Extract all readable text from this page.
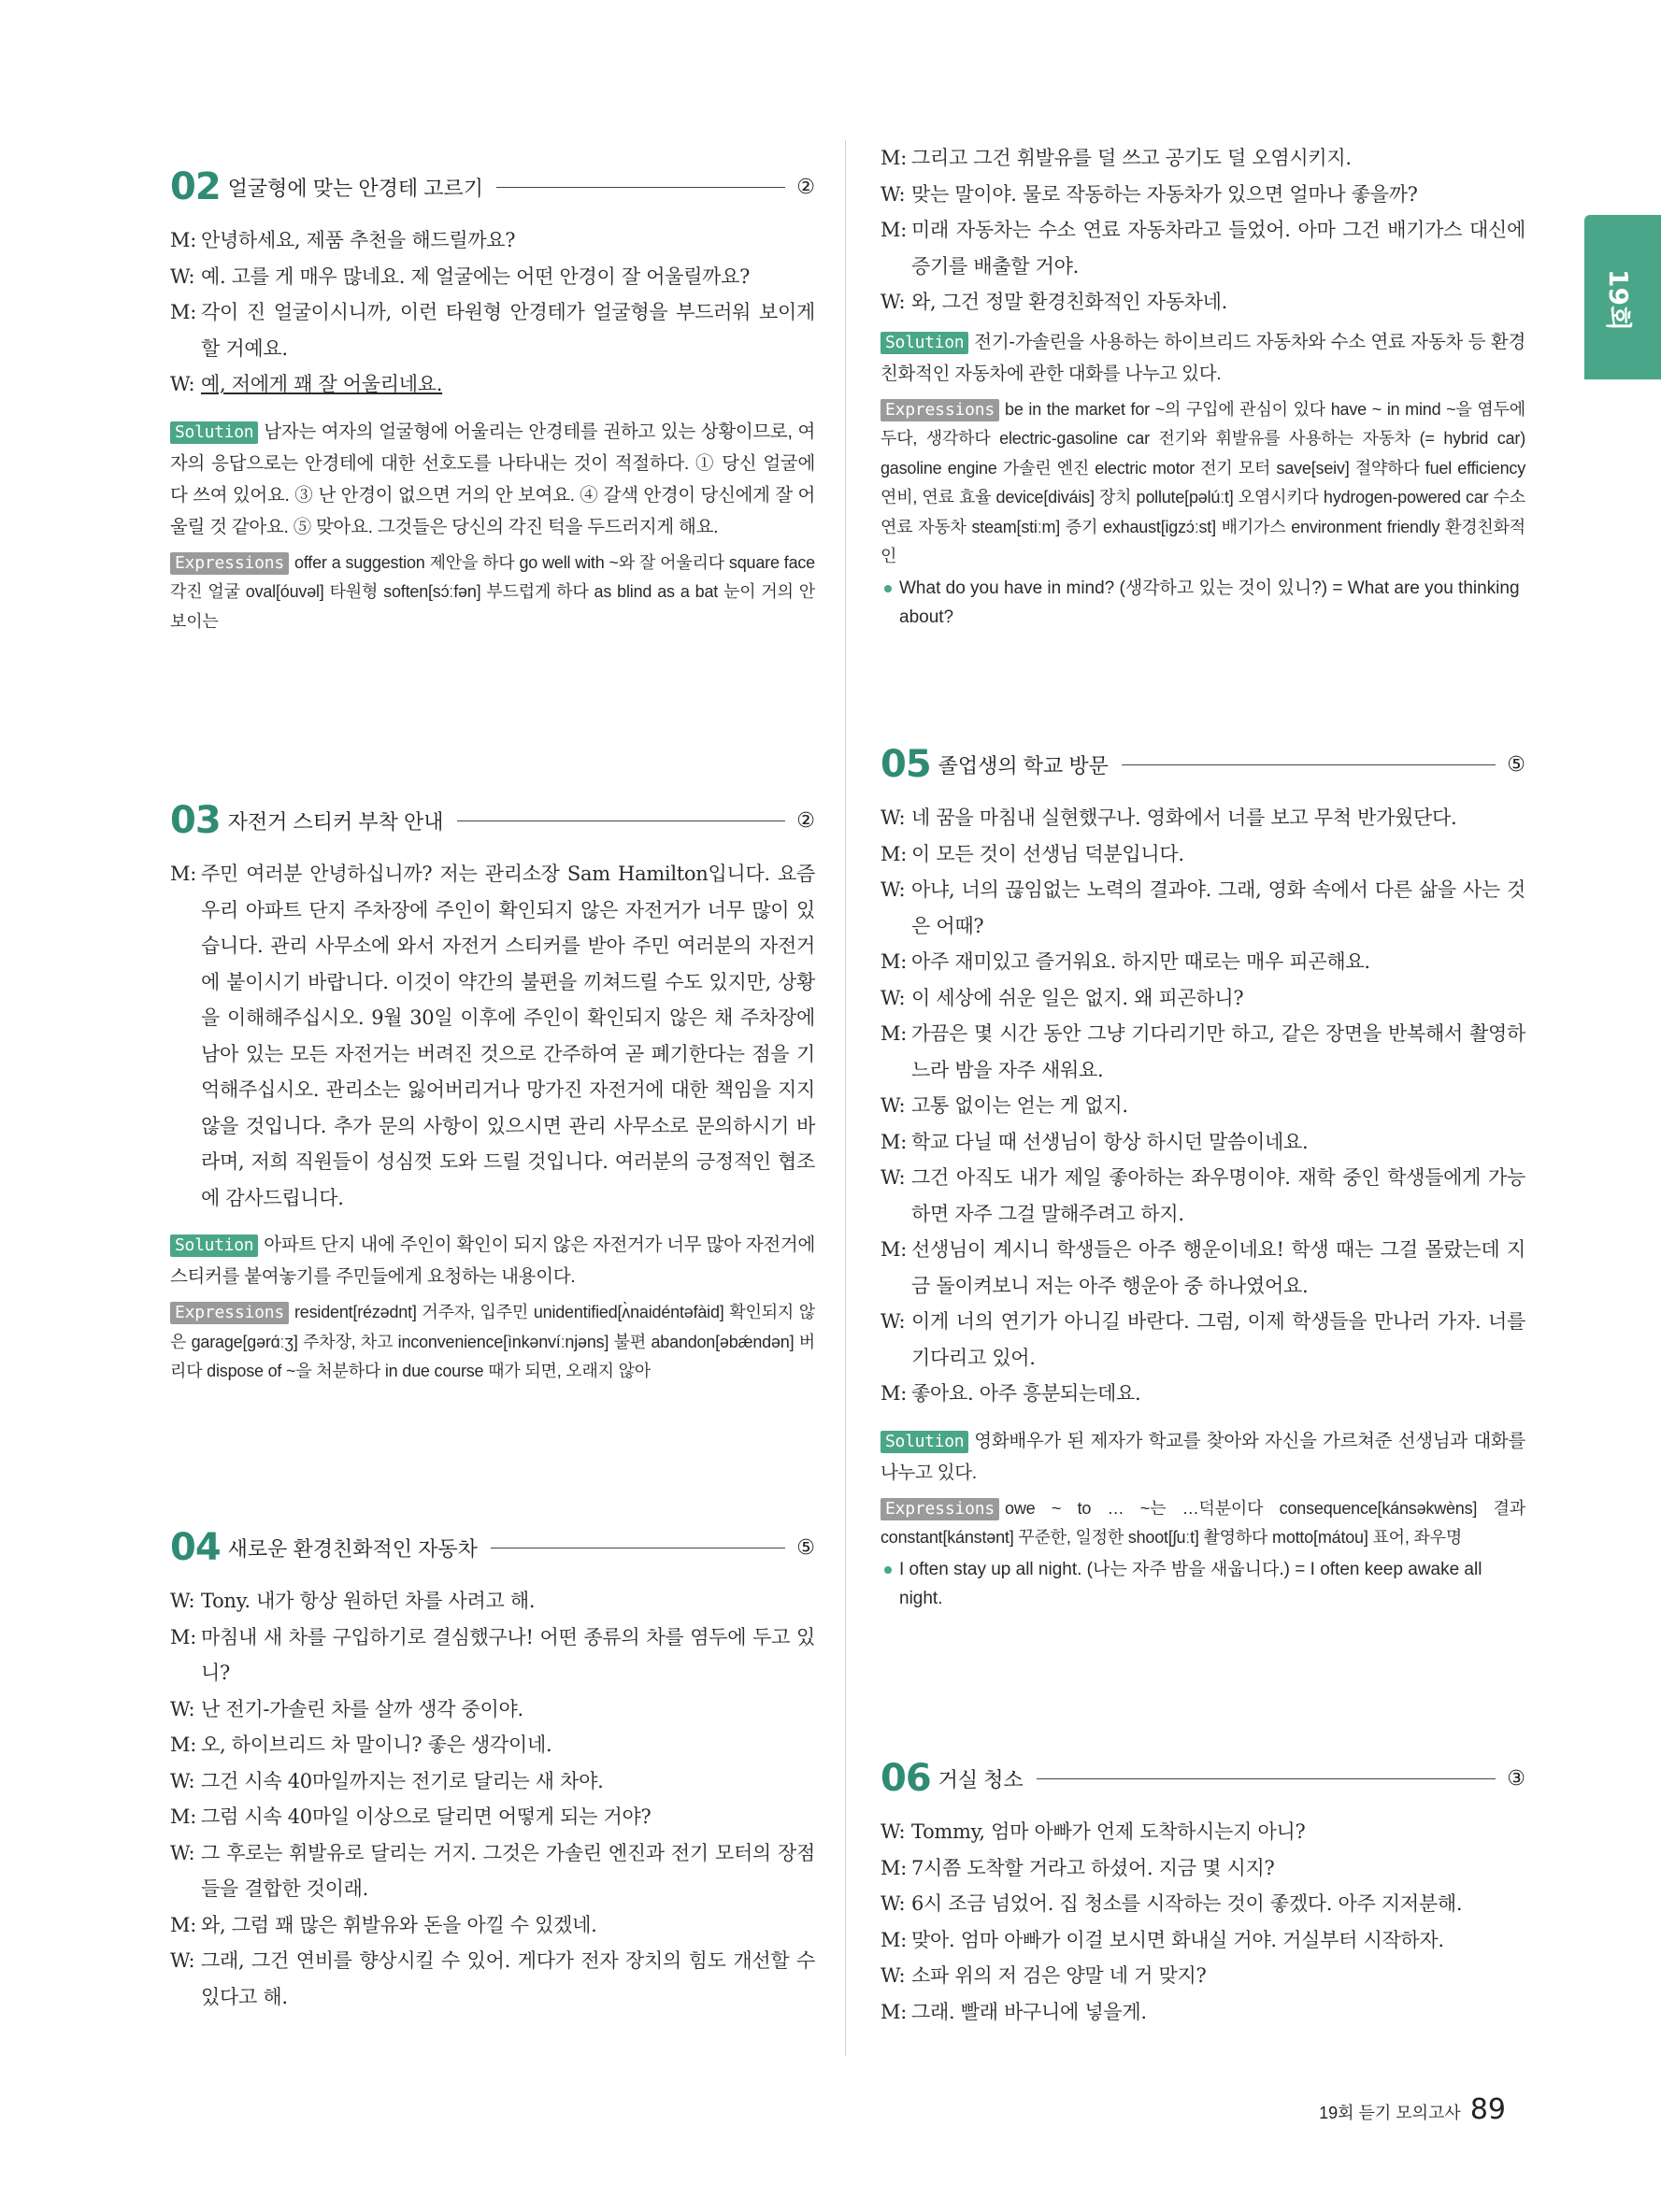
19회
02 얼굴형에 맞는 안경테 고르기	②
M: 안녕하세요, 제품 추천을 해드릴까요?
W: 예. 고를 게 매우 많네요. 제 얼굴에는 어떤 안경이 잘 어울릴까요?
M: 각이 진 얼굴이시니까, 이런 타원형 안경테가 얼굴형을 부드러워 보이게 할 거예요.
W: 예, 저에게 꽤 잘 어울리네요.
Solution 남자는 여자의 얼굴형에 어울리는 안경테를 권하고 있는 상황이므로, 여자의 응답으로는 안경테에 대한 선호도를 나타내는 것이 적절하다. ① 당신 얼굴에 다 쓰여 있어요. ③ 난 안경이 없으면 거의 안 보여요. ④ 갈색 안경이 당신에게 잘 어울릴 것 같아요. ⑤ 맞아요. 그것들은 당신의 각진 턱을 두드러지게 해요.
Expressions offer a suggestion 제안을 하다 go well with ~와 잘 어울리다 square face 각진 얼굴 oval[óuvəl] 타원형 soften[sɔ́ːfən] 부드럽게 하다 as blind as a bat 눈이 거의 안 보이는
03 자전거 스티커 부착 안내	②
M: 주민 여러분 안녕하십니까? 저는 관리소장 Sam Hamilton입니다. 요즘 우리 아파트 단지 주차장에 주인이 확인되지 않은 자전거가 너무 많이 있습니다. 관리 사무소에 와서 자전거 스티커를 받아 주민 여러분의 자전거에 붙이시기 바랍니다. 이것이 약간의 불편을 끼쳐드릴 수도 있지만, 상황을 이해해주십시오. 9월 30일 이후에 주인이 확인되지 않은 채 주차장에 남아 있는 모든 자전거는 버려진 것으로 간주하여 곧 폐기한다는 점을 기억해주십시오. 관리소는 잃어버리거나 망가진 자전거에 대한 책임을 지지 않을 것입니다. 추가 문의 사항이 있으시면 관리 사무소로 문의하시기 바라며, 저희 직원들이 성심껏 도와 드릴 것입니다. 여러분의 긍정적인 협조에 감사드립니다.
Solution 아파트 단지 내에 주인이 확인이 되지 않은 자전거가 너무 많아 자전거에 스티커를 붙여놓기를 주민들에게 요청하는 내용이다.
Expressions resident[rézədnt] 거주자, 입주민 unidentified[ʌ̀naidéntəfàid] 확인되지 않은 garage[gərɑ́ːʒ] 주차장, 차고 inconvenience[ìnkənvíːnjəns] 불편 abandon[əbǽndən] 버리다 dispose of ~을 처분하다 in due course 때가 되면, 오래지 않아
04 새로운 환경친화적인 자동차	⑤
W: Tony. 내가 항상 원하던 차를 사려고 해.
M: 마침내 새 차를 구입하기로 결심했구나! 어떤 종류의 차를 염두에 두고 있니?
W: 난 전기-가솔린 차를 살까 생각 중이야.
M: 오, 하이브리드 차 말이니? 좋은 생각이네.
W: 그건 시속 40마일까지는 전기로 달리는 새 차야.
M: 그럼 시속 40마일 이상으로 달리면 어떻게 되는 거야?
W: 그 후로는 휘발유로 달리는 거지. 그것은 가솔린 엔진과 전기 모터의 장점들을 결합한 것이래.
M: 와, 그럼 꽤 많은 휘발유와 돈을 아낄 수 있겠네.
W: 그래, 그건 연비를 향상시킬 수 있어. 게다가 전자 장치의 힘도 개선할 수 있다고 해.
M: 그리고 그건 휘발유를 덜 쓰고 공기도 덜 오염시키지.
W: 맞는 말이야. 물로 작동하는 자동차가 있으면 얼마나 좋을까?
M: 미래 자동차는 수소 연료 자동차라고 들었어. 아마 그건 배기가스 대신에 증기를 배출할 거야.
W: 와, 그건 정말 환경친화적인 자동차네.
Solution 전기-가솔린을 사용하는 하이브리드 자동차와 수소 연료 자동차 등 환경친화적인 자동차에 관한 대화를 나누고 있다.
Expressions be in the market for ~의 구입에 관심이 있다 have ~ in mind ~을 염두에 두다, 생각하다 electric-gasoline car 전기와 휘발유를 사용하는 자동차 (= hybrid car) gasoline engine 가솔린 엔진 electric motor 전기 모터 save[seiv] 절약하다 fuel efficiency 연비, 연료 효율 device[diváis] 장치 pollute[pəlúːt] 오염시키다 hydrogen-powered car 수소 연료 자동차 steam[stiːm] 증기 exhaust[igzɔ́ːst] 배기가스 environment friendly 환경친화적인
What do you have in mind? (생각하고 있는 것이 있니?) = What are you thinking about?
05 졸업생의 학교 방문	⑤
W: 네 꿈을 마침내 실현했구나. 영화에서 너를 보고 무척 반가웠단다.
M: 이 모든 것이 선생님 덕분입니다.
W: 아냐, 너의 끊임없는 노력의 결과야. 그래, 영화 속에서 다른 삶을 사는 것은 어때?
M: 아주 재미있고 즐거워요. 하지만 때로는 매우 피곤해요.
W: 이 세상에 쉬운 일은 없지. 왜 피곤하니?
M: 가끔은 몇 시간 동안 그냥 기다리기만 하고, 같은 장면을 반복해서 촬영하느라 밤을 자주 새워요.
W: 고통 없이는 얻는 게 없지.
M: 학교 다닐 때 선생님이 항상 하시던 말씀이네요.
W: 그건 아직도 내가 제일 좋아하는 좌우명이야. 재학 중인 학생들에게 가능하면 자주 그걸 말해주려고 하지.
M: 선생님이 계시니 학생들은 아주 행운이네요! 학생 때는 그걸 몰랐는데 지금 돌이켜보니 저는 아주 행운아 중 하나였어요.
W: 이게 너의 연기가 아니길 바란다. 그럼, 이제 학생들을 만나러 가자. 너를 기다리고 있어.
M: 좋아요. 아주 흥분되는데요.
Solution 영화배우가 된 제자가 학교를 찾아와 자신을 가르쳐준 선생님과 대화를 나누고 있다.
Expressions owe ~ to … ~는 …덕분이다 consequence[kánsəkwèns] 결과 constant[kánstənt] 꾸준한, 일정한 shoot[ʃuːt] 촬영하다 motto[mátou] 표어, 좌우명
I often stay up all night. (나는 자주 밤을 새웁니다.) = I often keep awake all night.
06 거실 청소	③
W: Tommy, 엄마 아빠가 언제 도착하시는지 아니?
M: 7시쯤 도착할 거라고 하셨어. 지금 몇 시지?
W: 6시 조금 넘었어. 집 청소를 시작하는 것이 좋겠다. 아주 지저분해.
M: 맞아. 엄마 아빠가 이걸 보시면 화내실 거야. 거실부터 시작하자.
W: 소파 위의 저 검은 양말 네 거 맞지?
M: 그래. 빨래 바구니에 넣을게.
19회 듣기 모의고사 89
